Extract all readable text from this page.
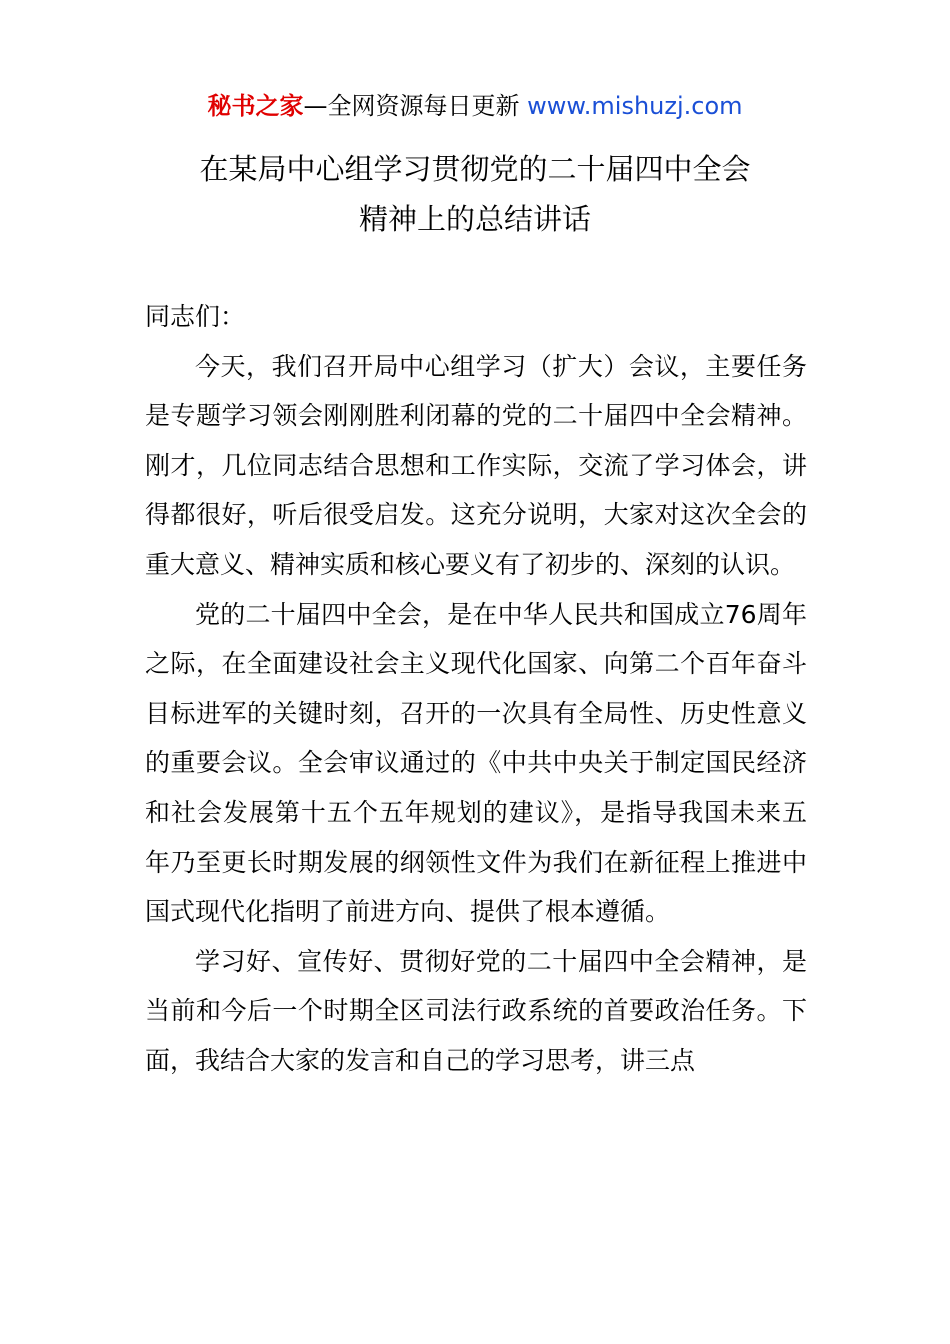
秘书之家—全网资源每日更新 www.mishuzj.com
在某局中心组学习贯彻党的二十届四中全会
精神上的总结讲话

同志们：

今天，我们召开局中心组学习（扩大）会议，主要任务是专题学习领会刚刚胜利闭幕的党的二十届四中全会精神。刚才，几位同志结合思想和工作实际，交流了学习体会，讲得都很好，听后很受启发。这充分说明，大家对这次全会的重大意义、精神实质和核心要义有了初步的、深刻的认识。

党的二十届四中全会，是在中华人民共和国成立76周年之际，在全面建设社会主义现代化国家、向第二个百年奋斗目标进军的关键时刻，召开的一次具有全局性、历史性意义的重要会议。全会审议通过的《中共中央关于制定国民经济和社会发展第十五个五年规划的建议》，是指导我国未来五年乃至更长时期发展的纲领性文件为我们在新征程上推进中国式现代化指明了前进方向、提供了根本遵循。

学习好、宣传好、贯彻好党的二十届四中全会精神，是当前和今后一个时期全区司法行政系统的首要政治任务。下面，我结合大家的发言和自己的学习思考，讲三点
